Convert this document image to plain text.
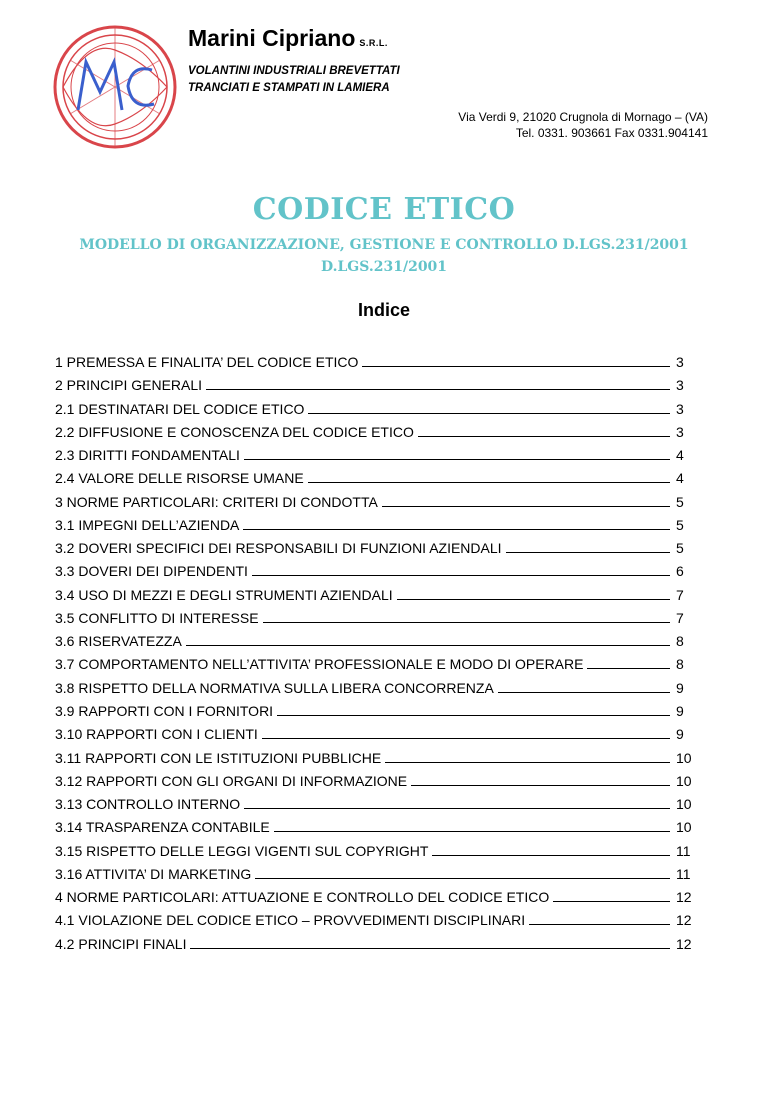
Marini Cipriano S.R.L.
VOLANTINI INDUSTRIALI BREVETTATI
TRANCIATI E STAMPATI IN LAMIERA
Via Verdi 9, 21020 Crugnola di Mornago – (VA)
Tel. 0331. 903661 Fax 0331.904141
CODICE ETICO
MODELLO DI ORGANIZZAZIONE, GESTIONE E CONTROLLO D.LGS.231/2001
D.LGS.231/2001
Indice
1 PREMESSA E FINALITA’ DEL CODICE ETICO	3
2 PRINCIPI GENERALI	3
2.1 DESTINATARI DEL CODICE ETICO	3
2.2 DIFFUSIONE E CONOSCENZA DEL CODICE ETICO	3
2.3 DIRITTI FONDAMENTALI	4
2.4 VALORE DELLE RISORSE UMANE	4
3 NORME PARTICOLARI: CRITERI DI CONDOTTA	5
3.1 IMPEGNI DELL’AZIENDA	5
3.2 DOVERI SPECIFICI DEI RESPONSABILI DI FUNZIONI AZIENDALI	5
3.3 DOVERI DEI DIPENDENTI	6
3.4 USO DI MEZZI E DEGLI STRUMENTI AZIENDALI	7
3.5 CONFLITTO DI INTERESSE	7
3.6 RISERVATEZZA	8
3.7 COMPORTAMENTO NELL’ATTIVITA’ PROFESSIONALE E MODO DI OPERARE	8
3.8 RISPETTO DELLA NORMATIVA SULLA LIBERA CONCORRENZA	9
3.9 RAPPORTI CON I FORNITORI	9
3.10 RAPPORTI CON I CLIENTI	9
3.11 RAPPORTI CON LE ISTITUZIONI PUBBLICHE	10
3.12 RAPPORTI CON GLI ORGANI DI INFORMAZIONE	10
3.13 CONTROLLO INTERNO	10
3.14 TRASPARENZA CONTABILE	10
3.15 RISPETTO DELLE LEGGI VIGENTI SUL COPYRIGHT	11
3.16 ATTIVITA’ DI MARKETING	11
4 NORME PARTICOLARI: ATTUAZIONE E CONTROLLO DEL CODICE ETICO	12
4.1 VIOLAZIONE DEL CODICE ETICO – PROVVEDIMENTI DISCIPLINARI	12
4.2 PRINCIPI FINALI	12
